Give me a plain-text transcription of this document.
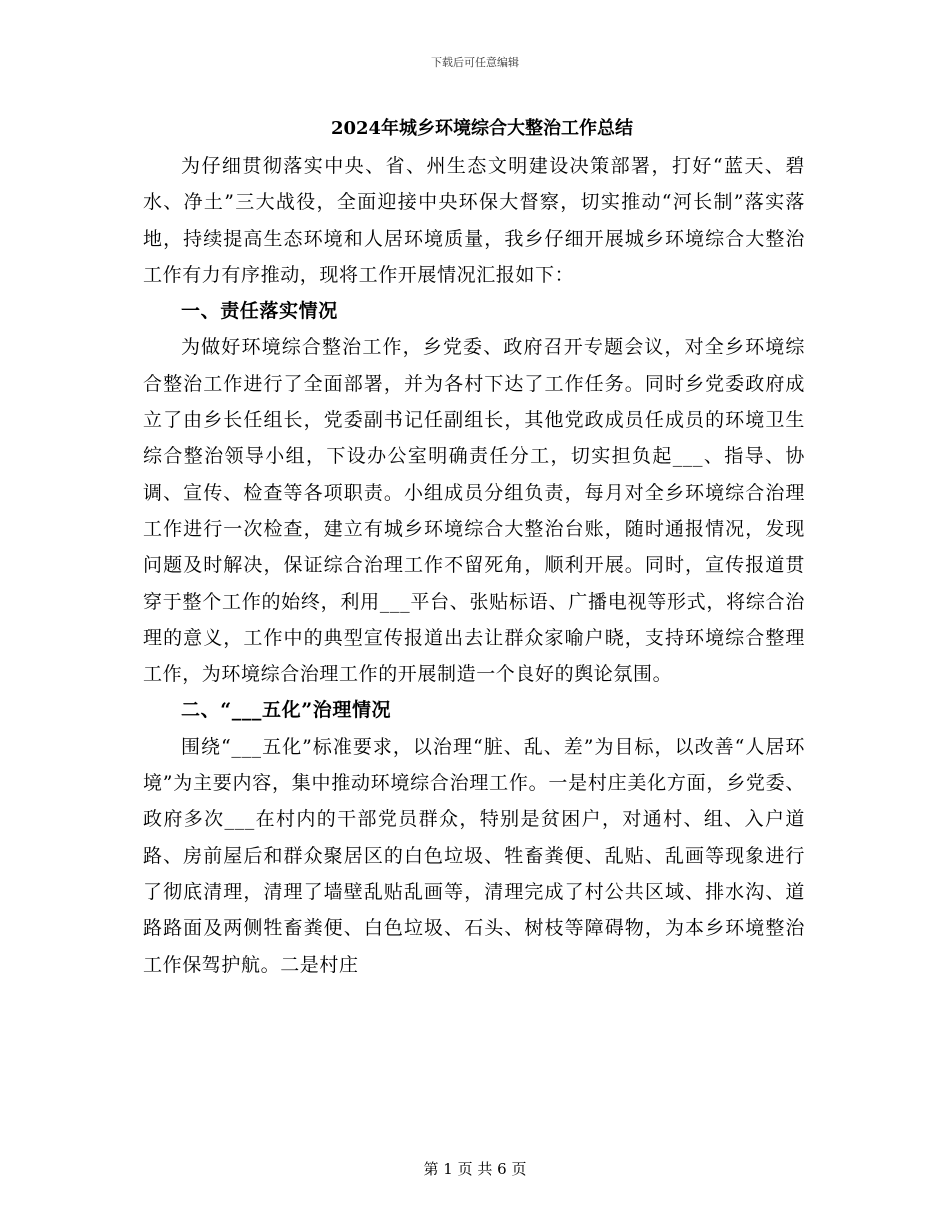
下载后可任意编辑

2024年城乡环境综合大整治工作总结

为仔细贯彻落实中央、省、州生态文明建设决策部署，打好“蓝天、碧水、净土”三大战役，全面迎接中央环保大督察，切实推动“河长制”落实落地，持续提高生态环境和人居环境质量，我乡仔细开展城乡环境综合大整治工作有力有序推动，现将工作开展情况汇报如下：

一、责任落实情况

为做好环境综合整治工作，乡党委、政府召开专题会议，对全乡环境综合整治工作进行了全面部署，并为各村下达了工作任务。同时乡党委政府成立了由乡长任组长，党委副书记任副组长，其他党政成员任成员的环境卫生综合整治领导小组，下设办公室明确责任分工，切实担负起___、指导、协调、宣传、检查等各项职责。小组成员分组负责，每月对全乡环境综合治理工作进行一次检查，建立有城乡环境综合大整治台账，随时通报情况，发现问题及时解决，保证综合治理工作不留死角，顺利开展。同时，宣传报道贯穿于整个工作的始终，利用___平台、张贴标语、广播电视等形式，将综合治理的意义，工作中的典型宣传报道出去让群众家喻户晓，支持环境综合整理工作，为环境综合治理工作的开展制造一个良好的舆论氛围。

二、“___五化”治理情况

围绕“___五化”标准要求，以治理“脏、乱、差”为目标，以改善“人居环境”为主要内容，集中推动环境综合治理工作。一是村庄美化方面，乡党委、政府多次___在村内的干部党员群众，特别是贫困户，对通村、组、入户道路、房前屋后和群众聚居区的白色垃圾、牲畜粪便、乱贴、乱画等现象进行了彻底清理，清理了墙壁乱贴乱画等，清理完成了村公共区域、排水沟、道路路面及两侧牲畜粪便、白色垃圾、石头、树枝等障碍物，为本乡环境整治工作保驾护航。二是村庄

第 1 页 共 6 页
